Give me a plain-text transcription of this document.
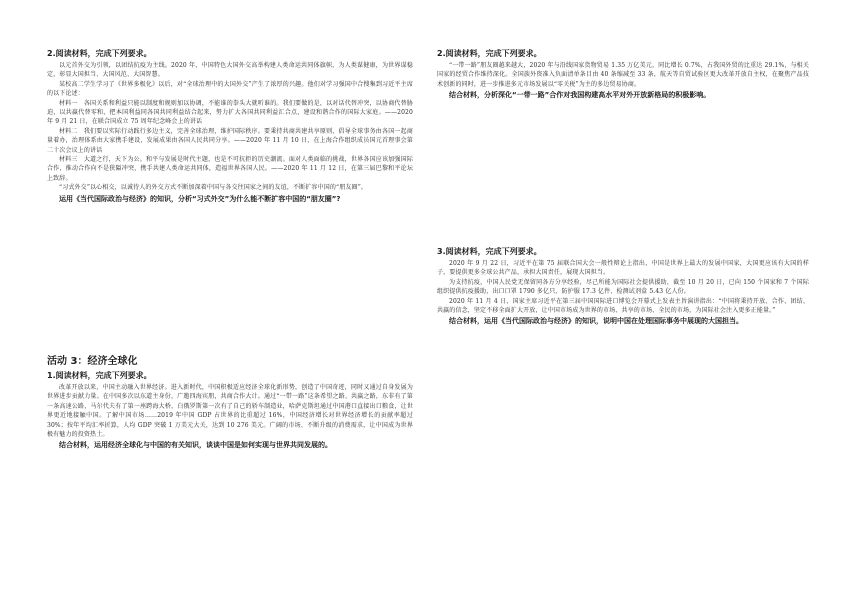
2.阅读材料，完成下列要求。

以元首外交为引领，以团结抗疫为主线。2020 年，中国特色大国外交高举构建人类命运共同体旗帜，为人类谋健康，为世界谋稳定，彰显大国担当、大国风范、大国智慧。

某校高二学生学习了《世界多极化》以后，对“全球治理中的大国外交”产生了浓厚的兴趣。他们对学习强国中合搜集到习近平主席的以下论述：

材料一　各国关系和利益只能以制度和规则加以协调，不能谁的拳头大就听谁的。我们要做的是，以对话代替冲突，以协商代替胁迫，以共赢代替零和，把本国利益同各国共同利益结合起来，努力扩大各国共同利益汇合点，建设和谐合作的国际大家庭。——2020 年 9 月 21 日，在联合国成立 75 周年纪念峰会上的讲话

材料二　我们要以实际行动践行多边主义，完善全球治理，维护国际秩序。要秉持共商共建共享原则，倡导全球事务由各国一起商量着办，治理体系由大家携手建设，发展成果由各国人民共同分享。——2020 年 11 月 10 日，在上海合作组织成员国元首理事会第二十次会议上的讲话

材料三　大道之行，天下为公。和平与发展是时代主题，也是不可抗拒的历史潮流。面对人类面临的挑战，世界各国应该加强国际合作，推动合作向不是狭隘冲突，携手共建人类命运共同体，造福世界各国人民。——2020 年 11 月 12 日，在第三届巴黎和平论坛上致辞。

“习式外交”以心相交，以诚待人的外交方式不断加深着中国与各交往国家之间的友谊，不断扩容中国的“朋友圈”。

运用《当代国际政治与经济》的知识，分析“习式外交”为什么能不断扩容中国的“朋友圈”?

活动 3：经济全球化
1.阅读材料，完成下列要求。

改革开放以来，中国主动融入世界经济。进入新时代，中国积极适应经济全球化新形势，创造了中国奇迹，同时又通过自身发展为世界进步贡献力量。在中国多次以东道主身份，广邀四海宾朋，共商合作大计。通过“一带一路”这条希望之路、共赢之路，东非有了第一条高速公路，马尔代夫有了第一座跨海大桥，白俄罗斯第一次有了自己的轿车制造业，哈萨克斯坦通过中国港口直接出口粮食，让世界更近地接触中国。了解中国市场……2019 年中国 GDP 占世界的比重超过 16%，中国经济增长对世界经济增长的贡献率超过 30%；按年平均汇率折算，人均 GDP 突破 1 万美元大关，达到 10 276 美元。广阔的市场、不断升级的消费需求，让中国成为世界极有魅力的投资热土。

结合材料，运用经济全球化与中国的有关知识，谈谈中国是如何实现与世界共同发展的。

2.阅读材料，完成下列要求。

“一带一路”朋友圈越来越大，2020 年与沿线国家货物贸易 1.35 万亿美元，同比增长 0.7%，占我国外贸的比重达 29.1%，与相关国家的经贸合作维持深化。全国族外资准入负面清单条目由 40 条缩减至 33 条，航天等自贸试验区更大改革开放自主权，在聚焦产品技术创新的同时，进一步推进多元市场发展以“零关税”为主的多边贸易协商。

结合材料，分析深化“一带一路”合作对我国构建高水平对外开放新格局的积极影响。

3.阅读材料，完成下列要求。

2020 年 9 月 22 日，习近平在第 75 届联合国大会一般性辩论上指出，中国是世界上最大的发展中国家，大国更应该有大国的样子，要提供更多全球公共产品，承担大国责任，展现大国担当。

为支持抗疫，中国人民党无保留同各方分享经验，尽己所能为国际社会提供援助，截至 10 月 20 日，已向 150 个国家和 7 个国际组织提供抗疫援助，出口口罩 1790 多亿只、防护服 17.3 亿件、检测试剂盒 5.43 亿人份。

2020 年 11 月 4 日，国家主席习近平在第三届中国国际进口博览会开幕式上发表主旨演讲指出：“中国将秉持开放、合作、团结、共赢的信念，坚定不移全面扩大开放，让中国市场成为世界的市场、共享的市场、全民的市场，为国际社会注入更多正能量。”

结合材料，运用《当代国际政治与经济》的知识，说明中国在处理国际事务中展现的大国担当。
